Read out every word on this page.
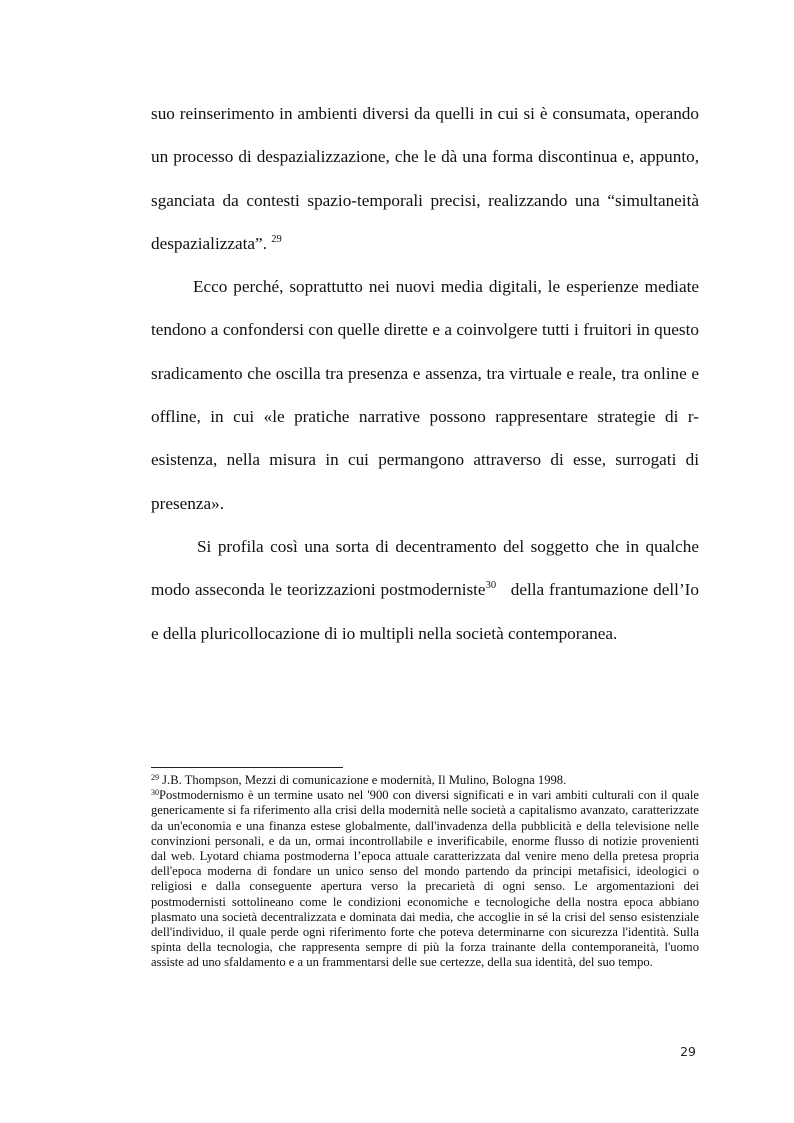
suo reinserimento in ambienti diversi da quelli in cui si è consumata, operando un processo di despazializzazione, che le dà una forma discontinua e, appunto, sganciata da contesti spazio-temporali precisi, realizzando una “simultaneità despazializzata”. $^{29}$

Ecco perché, soprattutto nei nuovi media digitali, le esperienze mediate tendono a confondersi con quelle dirette e a coinvolgere tutti i fruitori in questo sradicamento che oscilla tra presenza e assenza, tra virtuale e reale, tra online e offline, in cui «le pratiche narrative possono rappresentare strategie di r-esistenza, nella misura in cui permangono attraverso di esse, surrogati di presenza».

Si profila così una sorta di decentramento del soggetto che in qualche modo asseconda le teorizzazioni postmoderniste$^{30}$ della frantumazione dell’Io e della pluricollocazione di io multipli nella società contemporanea.

$^{29}$ J.B. Thompson, Mezzi di comunicazione e modernità, Il Mulino, Bologna 1998.

$^{30}$Postmodernismo è un termine usato nel '900 con diversi significati e in vari ambiti culturali con il quale genericamente si fa riferimento alla crisi della modernità nelle società a capitalismo avanzato, caratterizzate da un'economia e una finanza estese globalmente, dall'invadenza della pubblicità e della televisione nelle convinzioni personali, e da un, ormai incontrollabile e inverificabile, enorme flusso di notizie provenienti dal web. Lyotard chiama postmoderna l’epoca attuale caratterizzata dal venire meno della pretesa propria dell'epoca moderna di fondare un unico senso del mondo partendo da principi metafisici, ideologici o religiosi e dalla conseguente apertura verso la precarietà di ogni senso. Le argomentazioni dei postmodernisti sottolineano come le condizioni economiche e tecnologiche della nostra epoca abbiano plasmato una società decentralizzata e dominata dai media, che accoglie in sé la crisi del senso esistenziale dell'individuo, il quale perde ogni riferimento forte che poteva determinarne con sicurezza l'identità. Sulla spinta della tecnologia, che rappresenta sempre di più la forza trainante della contemporaneità, l'uomo assiste ad uno sfaldamento e a un frammentarsi delle sue certezze, della sua identità, del suo tempo.

29
